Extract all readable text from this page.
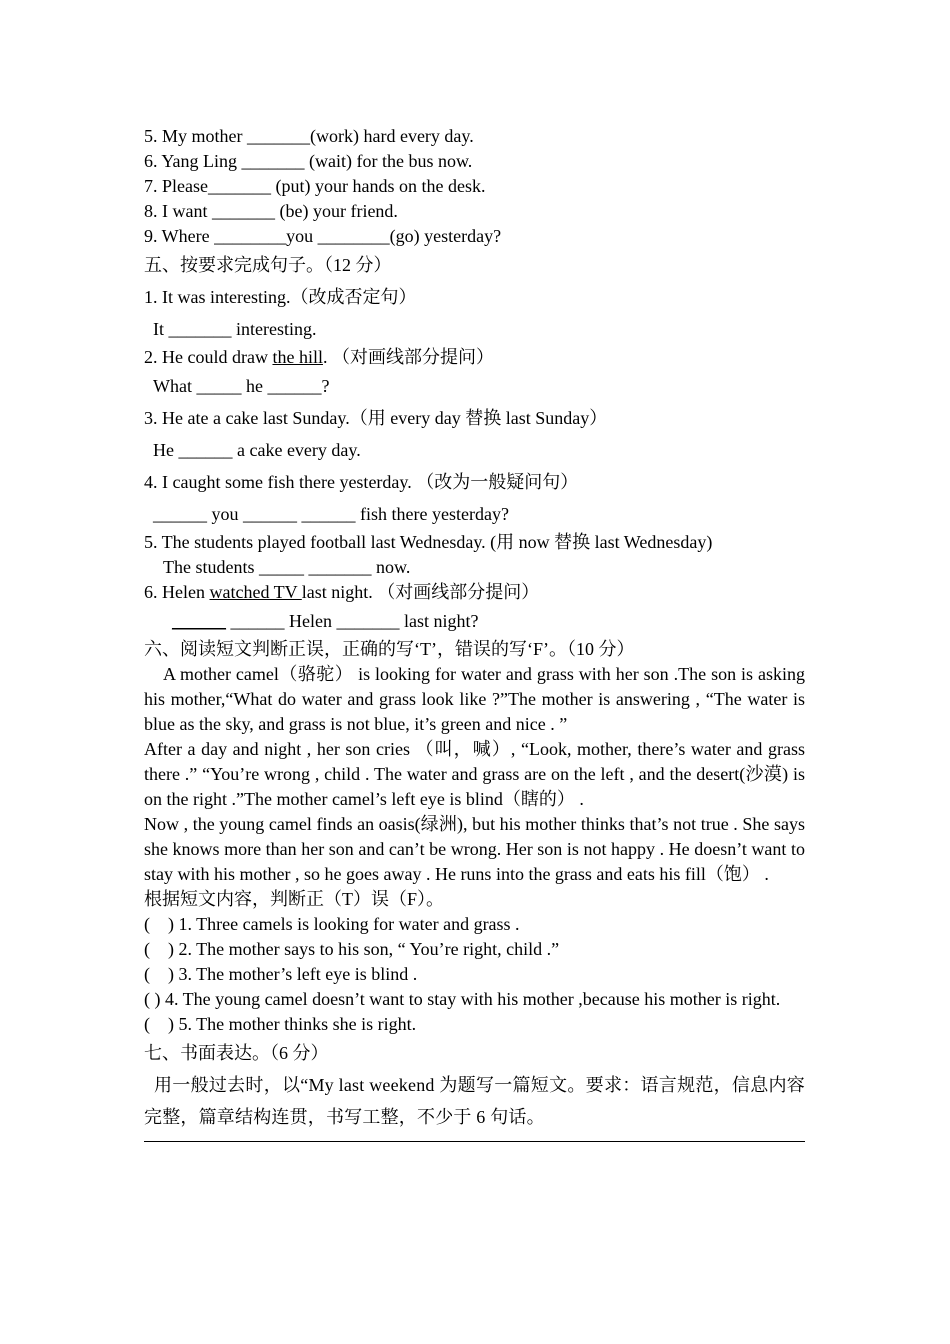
5. My mother _______(work) hard every day.
6. Yang Ling _______ (wait) for the bus now.
7. Please_______ (put) your hands on the desk.
8. I want _______ (be) your friend.
9. Where ________you ________(go) yesterday?
五、按要求完成句子。（12 分）
1. It was interesting.（改成否定句）
It _______ interesting.
2. He could draw the hill. （对画线部分提问）
What _____ he ______?
3. He ate a cake last Sunday.（用 every day 替换 last Sunday）
He ______ a cake every day.
4. I caught some fish there yesterday. （改为一般疑问句）
______ you ______ ______ fish there yesterday?
5. The students played football last Wednesday. (用 now 替换 last Wednesday)
The students _____ _______ now.
6. Helen watched TV last night. （对画线部分提问）
______ ______ Helen _______ last night?
六、阅读短文判断正误，正确的写‘T’，错误的写‘F’。（10 分）
A mother camel（骆驼） is looking for water and grass with her son .The son is asking his mother,“What do water and grass look like ?”The mother is answering , “The water is blue as the sky, and grass is not blue, it’s green and nice . ”
After a day and night , her son cries （叫，喊）, “Look, mother, there’s water and grass there .” “You’re wrong , child . The water and grass are on the left , and the desert(沙漠) is on the right .”The mother camel’s left eye is blind（瞎的） .
Now , the young camel finds an oasis(绿洲), but his mother thinks that’s not true . She says she knows more than her son and can’t be wrong. Her son is not happy . He doesn’t want to stay with his mother , so he goes away . He runs into the grass and eats his fill（饱） .
根据短文内容，判断正（T）误（F）。
(    ) 1. Three camels is looking for water and grass .
(    ) 2. The mother says to his son, “ You’re right, child .”
(    ) 3. The mother’s left eye is blind .
( ) 4. The young camel doesn’t want to stay with his mother ,because his mother is right.
(    ) 5. The mother thinks she is right.
七、书面表达。（6 分）
用一般过去时，以“My last weekend 为题写一篇短文。要求：语言规范，信息内容完整，篇章结构连贯，书写工整，不少于 6 句话。
